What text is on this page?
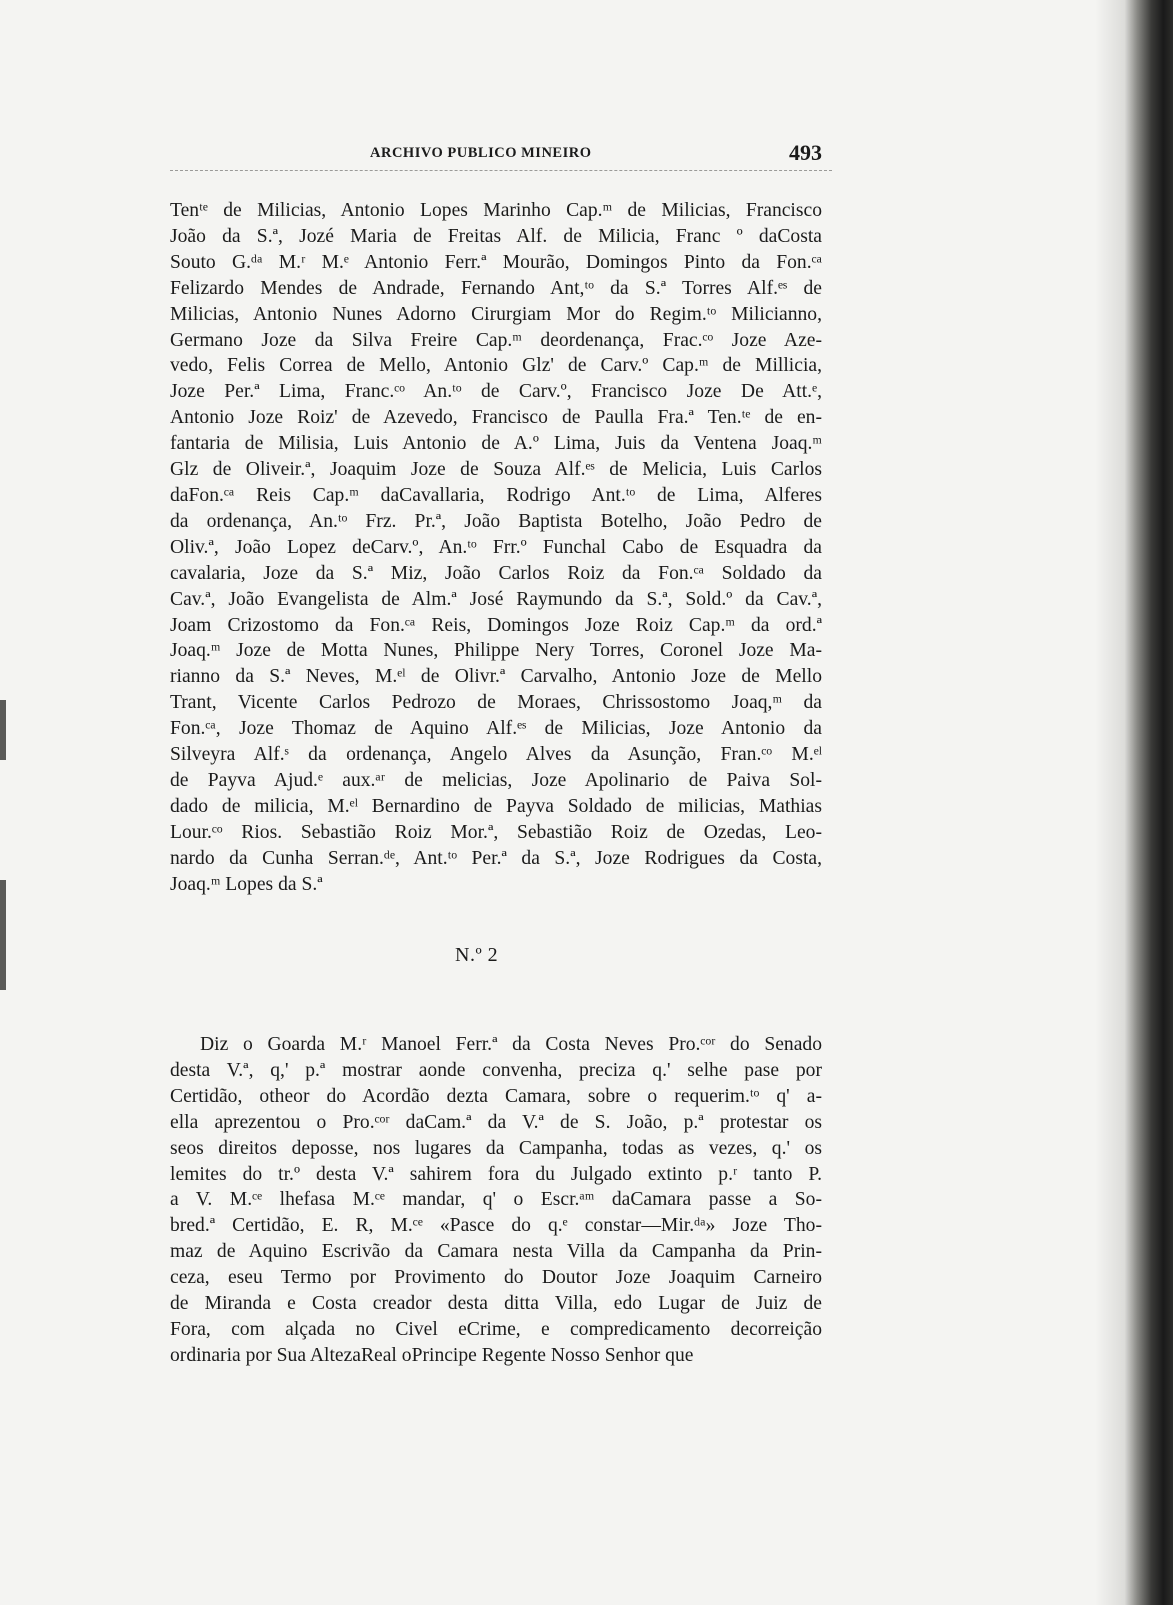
ARCHIVO PUBLICO MINEIRO	493
Tenᵗᵉ de Milicias, Antonio Lopes Marinho Cap.ᵐ de Milicias, Francisco
João da S.ª, Jozé Maria de Freitas Alf. de Milicia, Franc º daCosta
Souto G.ᵈᵃ M.ʳ M.ᵉ Antonio Ferr.ª Mourão, Domingos Pinto da Fon.ᶜᵃ
Felizardo Mendes de Andrade, Fernando Ant,ᵗᵒ da S.ª Torres Alf.ᵉˢ de
Milicias, Antonio Nunes Adorno Cirurgiam Mor do Regim.ᵗᵒ Milicianno,
Germano Joze da Silva Freire Cap.ᵐ deordenança, Frac.ᶜᵒ Joze Aze-
vedo, Felis Correa de Mello, Antonio Glz' de Carv.º Cap.ᵐ de Millicia,
Joze Per.ª Lima, Franc.ᶜᵒ An.ᵗᵒ de Carv.º, Francisco Joze De Att.ᵉ,
Antonio Joze Roiz' de Azevedo, Francisco de Paulla Fra.ª Ten.ᵗᵉ de en-
fantaria de Milisia, Luis Antonio de A.º Lima, Juis da Ventena Joaq.ᵐ
Glz de Oliveir.ª, Joaquim Joze de Souza Alf.ᵉˢ de Melicia, Luis Carlos
daFon.ᶜᵃ Reis Cap.ᵐ daCavallaria, Rodrigo Ant.ᵗᵒ de Lima, Alferes
da ordenança, An.ᵗᵒ Frz. Pr.ª, João Baptista Botelho, João Pedro de
Oliv.ª, João Lopez deCarv.º, An.ᵗᵒ Frr.º Funchal Cabo de Esquadra da
cavalaria, Joze da S.ª Miz, João Carlos Roiz da Fon.ᶜᵃ Soldado da
Cav.ª, João Evangelista de Alm.ª José Raymundo da S.ª, Sold.º da Cav.ª,
Joam Crizostomo da Fon.ᶜᵃ Reis, Domingos Joze Roiz Cap.ᵐ da ord.ª
Joaq.ᵐ Joze de Motta Nunes, Philippe Nery Torres, Coronel Joze Ma-
rianno da S.ª Neves, M.ᵉˡ de Olivr.ª Carvalho, Antonio Joze de Mello
Trant, Vicente Carlos Pedrozo de Moraes, Chrissostomo Joaq,ᵐ da
Fon.ᶜᵃ, Joze Thomaz de Aquino Alf.ᵉˢ de Milicias, Joze Antonio da
Silveyra Alf.ˢ da ordenança, Angelo Alves da Asunção, Fran.ᶜᵒ M.ᵉˡ
de Payva Ajud.ᵉ aux.ᵃʳ de melicias, Joze Apolinario de Paiva Sol-
dado de milicia, M.ᵉˡ Bernardino de Payva Soldado de milicias, Mathias
Lour.ᶜᵒ Rios. Sebastião Roiz Mor.ª, Sebastião Roiz de Ozedas, Leo-
nardo da Cunha Serran.ᵈᵉ, Ant.ᵗᵒ Per.ª da S.ª, Joze Rodrigues da Costa,
Joaq.ᵐ Lopes da S.ª
N.º 2
Diz o Goarda M.ʳ Manoel Ferr.ª da Costa Neves Pro.ᶜᵒʳ do Senado
desta V.ª, q,' p.ª mostrar aonde convenha, preciza q.' selhe pase por
Certidão, otheor do Acordão dezta Camara, sobre o requerim.ᵗᵒ q' a-
ella aprezentou o Pro.ᶜᵒʳ daCam.ª da V.ª de S. João, p.ª protestar os
seos direitos deposse, nos lugares da Campanha, todas as vezes, q.' os
lemites do tr.º desta V.ª sahirem fora du Julgado extinto p.ʳ tanto P.
a V. M.ᶜᵉ lhefasa M.ᶜᵉ mandar, q' o Escr.ᵃᵐ daCamara passe a So-
bred.ª Certidão, E. R, M.ᶜᵉ «Pasce do q.ᵉ constar—Mir.ᵈᵃ» Joze Tho-
maz de Aquino Escrivão da Camara nesta Villa da Campanha da Prin-
ceza, eseu Termo por Provimento do Doutor Joze Joaquim Carneiro
de Miranda e Costa creador desta ditta Villa, edo Lugar de Juiz de
Fora, com alçada no Civel eCrime, e compredicamento decorreição
ordinaria por Sua AltezaReal oPrincipe Regente Nosso Senhor que
